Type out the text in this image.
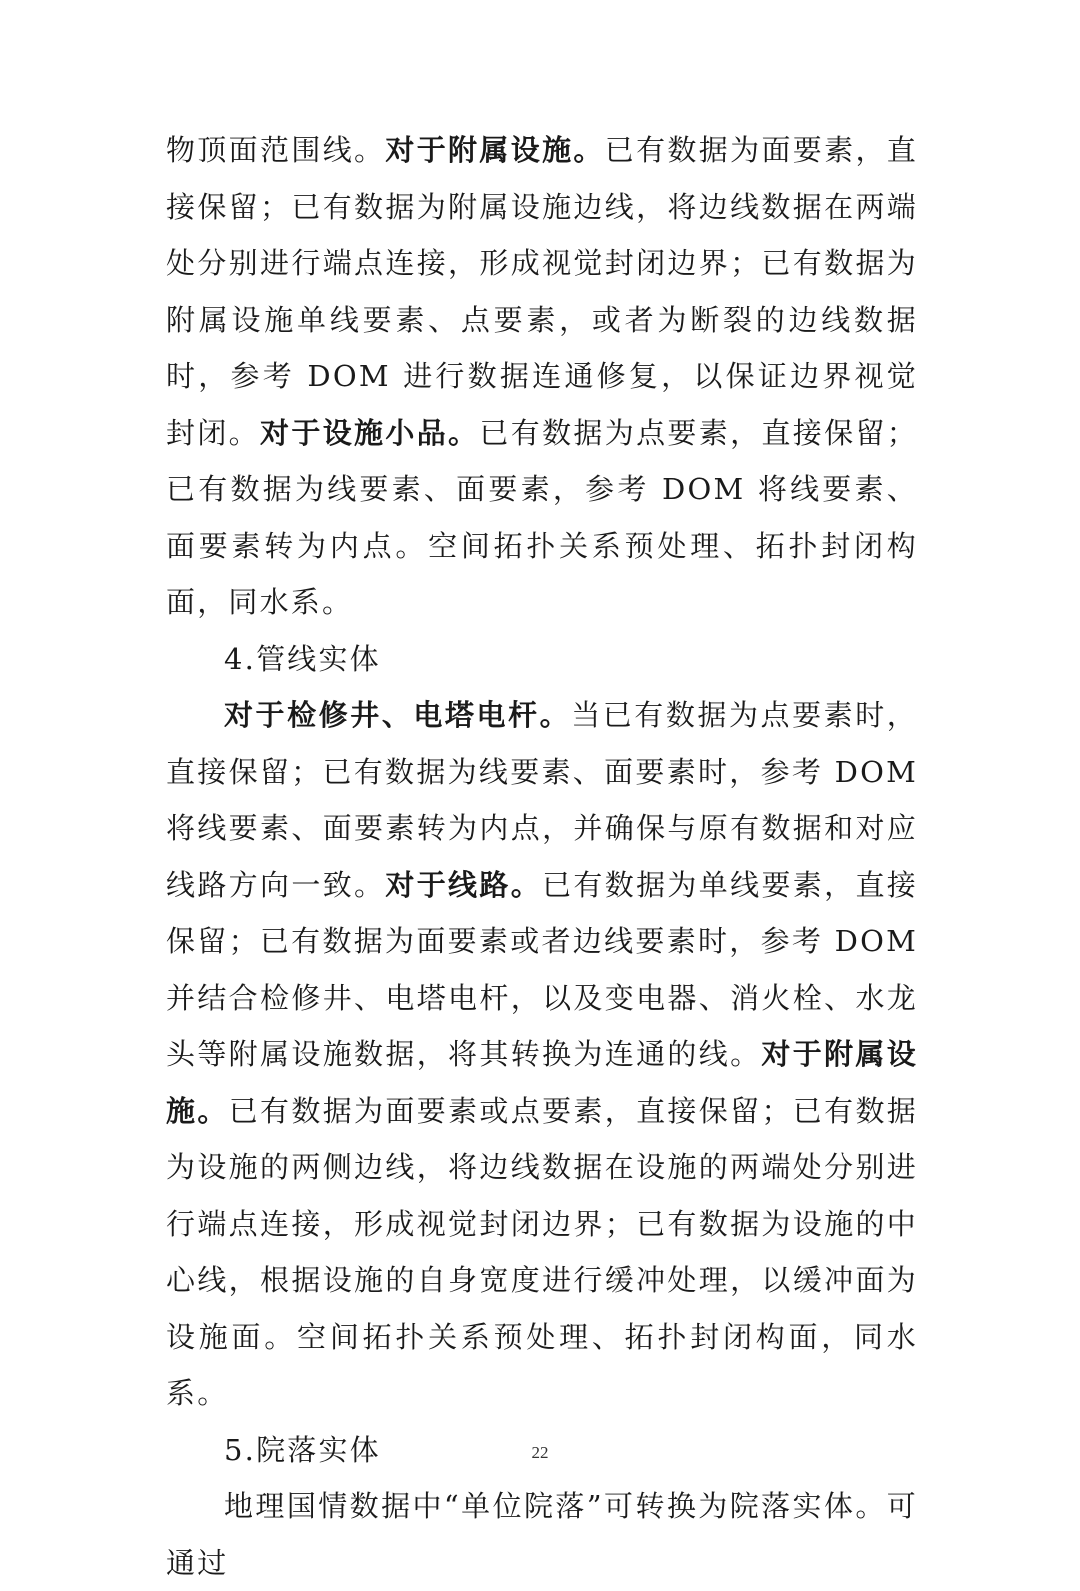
物顶面范围线。对于附属设施。已有数据为面要素，直接保留；已有数据为附属设施边线，将边线数据在两端处分别进行端点连接，形成视觉封闭边界；已有数据为附属设施单线要素、点要素，或者为断裂的边线数据时，参考 DOM 进行数据连通修复，以保证边界视觉封闭。对于设施小品。已有数据为点要素，直接保留；已有数据为线要素、面要素，参考 DOM 将线要素、面要素转为内点。空间拓扑关系预处理、拓扑封闭构面，同水系。

4.管线实体

对于检修井、电塔电杆。当已有数据为点要素时，直接保留；已有数据为线要素、面要素时，参考 DOM 将线要素、面要素转为内点，并确保与原有数据和对应线路方向一致。对于线路。已有数据为单线要素，直接保留；已有数据为面要素或者边线要素时，参考 DOM 并结合检修井、电塔电杆，以及变电器、消火栓、水龙头等附属设施数据，将其转换为连通的线。对于附属设施。已有数据为面要素或点要素，直接保留；已有数据为设施的两侧边线，将边线数据在设施的两端处分别进行端点连接，形成视觉封闭边界；已有数据为设施的中心线，根据设施的自身宽度进行缓冲处理，以缓冲面为设施面。空间拓扑关系预处理、拓扑封闭构面，同水系。

5.院落实体

地理国情数据中“单位院落”可转换为院落实体。可通过

22
